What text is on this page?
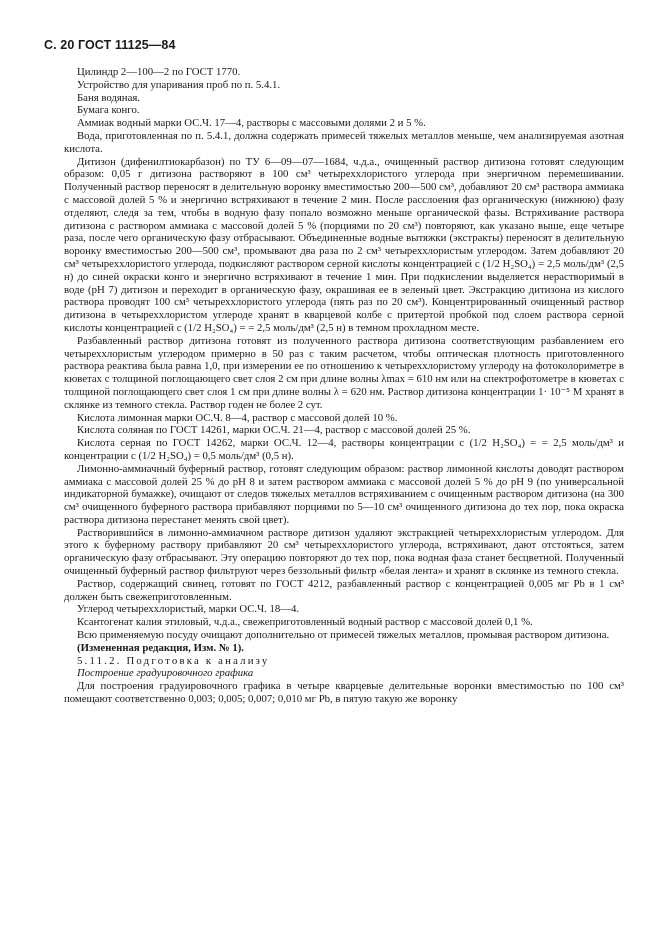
С. 20 ГОСТ 11125—84

Цилиндр 2—100—2 по ГОСТ 1770.

Устройство для упаривания проб по п. 5.4.1.

Баня водяная.

Бумага конго.

Аммиак водный марки ОС.Ч. 17—4, растворы с массовыми долями 2 и 5 %.

Вода, приготовленная по п. 5.4.1, должна содержать примесей тяжелых металлов меньше, чем анализируемая азотная кислота.

Дитизон (дифенилтиокарбазон) по ТУ 6—09—07—1684, ч.д.а., очищенный раствор дитизона готовят следующим образом: 0,05 г дитизона растворяют в 100 см³ четыреххлористого углерода при энергичном перемешивании. Полученный раствор переносят в делительную воронку вместимостью 200—500 см³, добавляют 20 см³ раствора аммиака с массовой долей 5 % и энергично встряхивают в течение 2 мин. После расслоения фаз органическую (нижнюю) фазу отделяют, следя за тем, чтобы в водную фазу попало возможно меньше органической фазы. Встряхивание раствора дитизона с раствором аммиака с массовой долей 5 % (порциями по 20 см³) повторяют, как указано выше, еще четыре раза, после чего органическую фазу отбрасывают. Объединенные водные вытяжки (экстракты) переносят в делительную воронку вместимостью 200—500 см³, промывают два раза по 2 см³ четыреххлористым углеродом. Затем добавляют 20 см³ четыреххлористого углерода, подкисляют раствором серной кислоты концентрацией c (1/2 H₂SO₄) = 2,5 моль/дм³ (2,5 н) до синей окраски конго и энергично встряхивают в течение 1 мин. При подкислении выделяется нерастворимый в воде (pH 7) дитизон и переходит в органическую фазу, окрашивая ее в зеленый цвет. Экстракцию дитизона из кислого раствора проводят 100 см³ четыреххлористого углерода (пять раз по 20 см³). Концентрированный очищенный раствор дитизона в четыреххлористом углероде хранят в кварцевой колбе с притертой пробкой под слоем раствора серной кислоты концентрацией c (1/2 H₂SO₄) = = 2,5 моль/дм³ (2,5 н) в темном прохладном месте.

Разбавленный раствор дитизона готовят из полученного раствора дитизона соответствующим разбавлением его четыреххлористым углеродом примерно в 50 раз с таким расчетом, чтобы оптическая плотность приготовленного раствора реактива была равна 1,0, при измерении ее по отношению к четыреххлористому углероду на фотоколориметре в кюветах с толщиной поглощающего свет слоя 2 см при длине волны λmax = 610 нм или на спектрофотометре в кюветах с толщиной поглощающего свет слоя 1 см при длине волны λ = 620 нм. Раствор дитизона концентрации 1· 10⁻⁵ М хранят в склянке из темного стекла. Раствор годен не более 2 сут.

Кислота лимонная марки ОС.Ч. 8—4, раствор с массовой долей 10 %.

Кислота соляная по ГОСТ 14261, марки ОС.Ч. 21—4, раствор с массовой долей 25 %.

Кислота серная по ГОСТ 14262, марки ОС.Ч. 12—4, растворы концентрации c (1/2 H₂SO₄) = = 2,5 моль/дм³ и концентрации c (1/2 H₂SO₄) = 0,5 моль/дм³ (0,5 н).

Лимонно-аммиачный буферный раствор, готовят следующим образом: раствор лимонной кислоты доводят раствором аммиака с массовой долей 25 % до pH 8 и затем раствором аммиака с массовой долей 5 % до pH 9 (по универсальной индикаторной бумажке), очищают от следов тяжелых металлов встряхиванием с очищенным раствором дитизона (на 300 см³ очищенного буферного раствора прибавляют порциями по 5—10 см³ очищенного дитизона до тех пор, пока окраска раствора дитизона перестанет менять свой цвет).

Растворившийся в лимонно-аммиачном растворе дитизон удаляют экстракцией четыреххлористым углеродом. Для этого к буферному раствору прибавляют 20 см³ четыреххлористого углерода, встряхивают, дают отстояться, затем органическую фазу отбрасывают. Эту операцию повторяют до тех пор, пока водная фаза станет бесцветной. Полученный очищенный буферный раствор фильтруют через беззольный фильтр «белая лента» и хранят в склянке из темного стекла.

Раствор, содержащий свинец, готовят по ГОСТ 4212, разбавленный раствор с концентрацией 0,005 мг Pb в 1 см³ должен быть свежеприготовленным.

Углерод четыреххлористый, марки ОС.Ч. 18—4.

Ксантогенат калия этиловый, ч.д.а., свежеприготовленный водный раствор с массовой долей 0,1 %.

Всю применяемую посуду очищают дополнительно от примесей тяжелых металлов, промывая раствором дитизона.

(Измененная редакция, Изм. № 1).

5.11.2. Подготовка к анализу

Построение градуировочного графика

Для построения градуировочного графика в четыре кварцевые делительные воронки вместимостью по 100 см³ помещают соответственно 0,003; 0,005; 0,007; 0,010 мг Pb, в пятую такую же воронку
